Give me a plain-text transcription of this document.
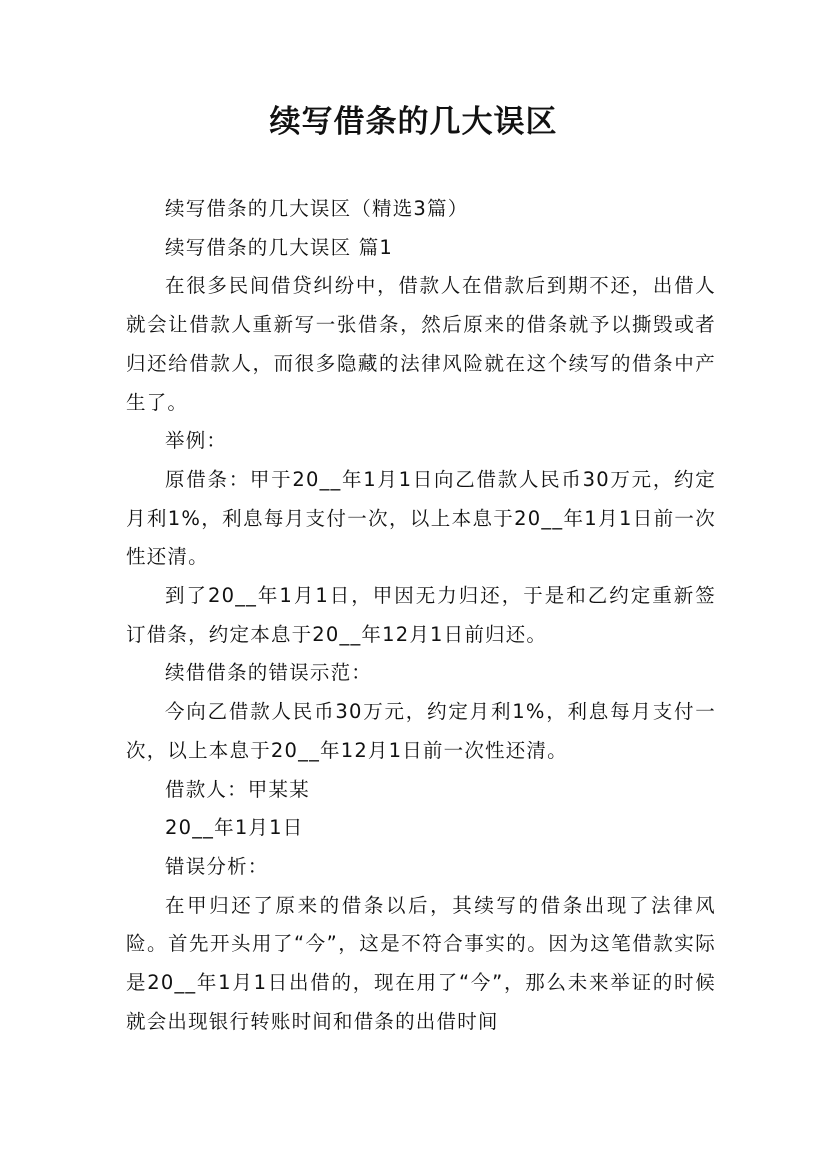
续写借条的几大误区

续写借条的几大误区（精选3篇）

续写借条的几大误区 篇1

在很多民间借贷纠纷中，借款人在借款后到期不还，出借人就会让借款人重新写一张借条，然后原来的借条就予以撕毁或者归还给借款人，而很多隐藏的法律风险就在这个续写的借条中产生了。

举例：

原借条：甲于20__年1月1日向乙借款人民币30万元，约定月利1%，利息每月支付一次，以上本息于20__年1月1日前一次性还清。

到了20__年1月1日，甲因无力归还，于是和乙约定重新签订借条，约定本息于20__年12月1日前归还。

续借借条的错误示范：

今向乙借款人民币30万元，约定月利1%，利息每月支付一次，以上本息于20__年12月1日前一次性还清。

借款人：甲某某

20__年1月1日

错误分析：

在甲归还了原来的借条以后，其续写的借条出现了法律风险。首先开头用了“今”，这是不符合事实的。因为这笔借款实际是20__年1月1日出借的，现在用了“今”，那么未来举证的时候就会出现银行转账时间和借条的出借时间
